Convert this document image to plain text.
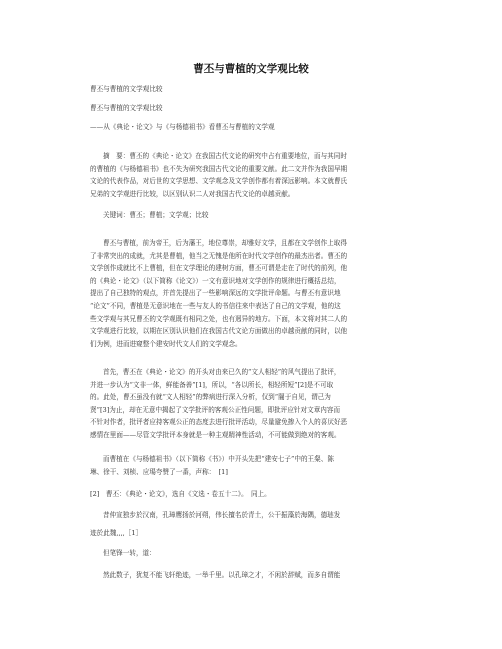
曹丕与曹植的文学观比较
曹丕与曹植的文学观比较
曹丕与曹植的文学观比较
——从《典论・论文》与《与杨德祖书》看曹丕与曹植的文学观
摘　要：曹丕的《典论・论文》在我国古代文论的研究中占有重要地位，而与其同时
的曹植的《与杨德祖书》也不失为研究我国古代文论的重要文献。此二文并作为我国早期
文论的代表作品，对后世的文学思想、文学观念及文学创作都有着深远影响。本文就曹氏
兄弟的文学观进行比较，以区别认识二人对我国古代文论的卓越贡献。
关键词：曹丕；曹植；文学观；比较
曹丕与曹植，前为帝王，后为藩王，地位尊崇，却雅好文学，且都在文学创作上取得
了非常突出的成就，尤其是曹植，他当之无愧是他所在时代文学创作的最杰出者。曹丕的
文学创作成就比不上曹植，但在文学理论的建树方面，曹丕可谓是走在了时代的前列，他
的《典论・论文》（以下简称《论文》）一文有意识地对文学创作的规律进行概括总结，
提出了自己独特的观点，并首先提出了一些影响深远的文学批评命题。与曹丕有意识地
“论文”不同，曹植是无意识地在一些与友人的书信往来中表达了自己的文学观，他的这
些文学观与其兄曹丕的文学观既有相同之处，也有迥异的地方。下面，本文将对其二人的
文学观进行比较，以期在区别认识他们在我国古代文论方面做出的卓越贡献的同时，以他
们为例，进而进窥整个建安时代文人们的文学观念。
首先，曹丕在《典论・论文》的开头对由来已久的“文人相轻”的风气提出了批评，
并进一步认为“文非一体，鲜能备善”[1]，所以，“各以所长，相轻所短”[2]是不可取
的。此处，曹丕虽没有就“文人相轻”的弊病进行深入分析，仅到“闇于自见，谓己为
贤”[3]为止，却在无意中揭起了文学批评的客观公正性问题，即批评应针对文章内容而
不针对作者，批评者应持客观公正的态度去进行批评活动，尽量避免掺入个人的喜厌好恶
感情在里面——尽管文学批评本身就是一种主观精神性活动，不可能做到绝对的客观。
而曹植在《与杨德祖书》（以下简称《书》）中开头先把“建安七子”中的王粲、陈
琳、徐干、刘桢、应瑒夸赞了一番，声称：　[1]
[2]　曹丕：《典论・论文》，选自《文选・卷五十二》。　同上。
昔仲宣独步於汉南，孔璋鹰扬於河朔，伟长擅名於青土，公干振藻於海隅，德琏发
迹於此魏,,,,［1］
但笔锋一转，道：
然此数子，犹复不能飞轩绝迹，一举千里。以孔璋之才，不闲於辞赋，而多自谓能
